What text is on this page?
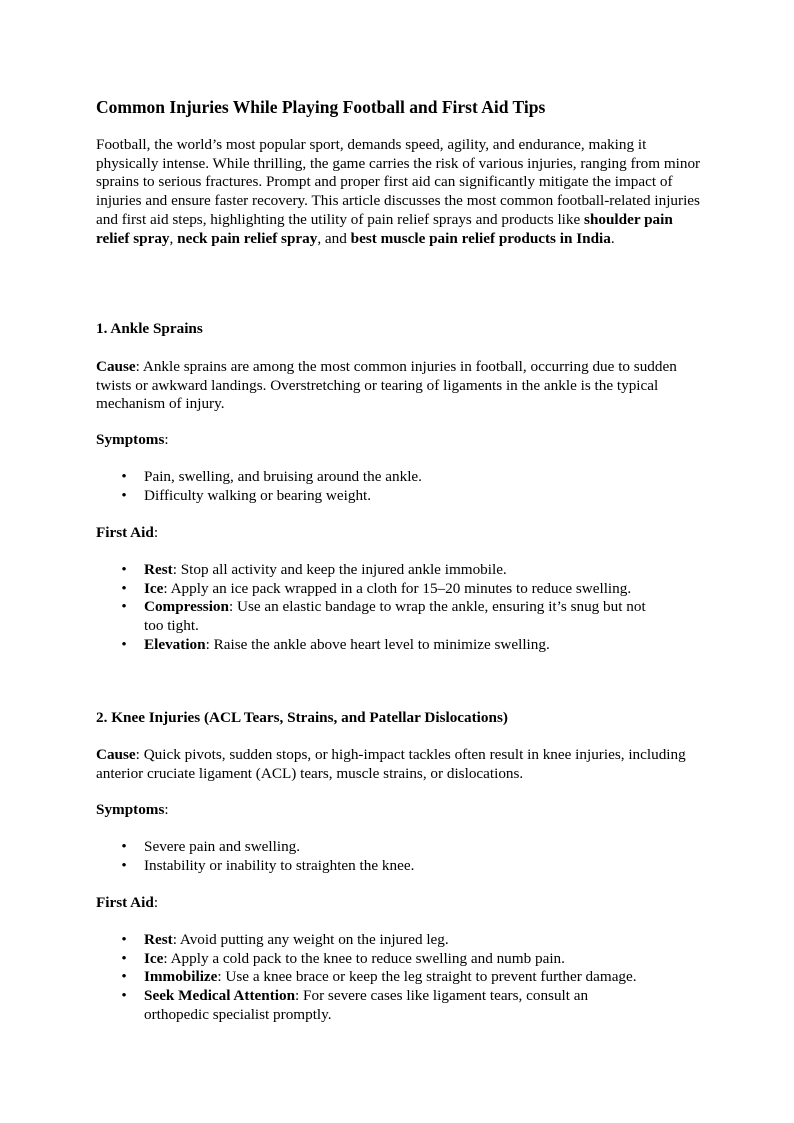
Common Injuries While Playing Football and First Aid Tips

Football, the world’s most popular sport, demands speed, agility, and endurance, making it physically intense. While thrilling, the game carries the risk of various injuries, ranging from minor sprains to serious fractures. Prompt and proper first aid can significantly mitigate the impact of injuries and ensure faster recovery. This article discusses the most common football-related injuries and first aid steps, highlighting the utility of pain relief sprays and products like shoulder pain relief spray, neck pain relief spray, and best muscle pain relief products in India.

1. Ankle Sprains

Cause: Ankle sprains are among the most common injuries in football, occurring due to sudden twists or awkward landings. Overstretching or tearing of ligaments in the ankle is the typical mechanism of injury.

Symptoms:

• Pain, swelling, and bruising around the ankle.
• Difficulty walking or bearing weight.

First Aid:

• Rest: Stop all activity and keep the injured ankle immobile.
• Ice: Apply an ice pack wrapped in a cloth for 15–20 minutes to reduce swelling.
• Compression: Use an elastic bandage to wrap the ankle, ensuring it’s snug but not too tight.
• Elevation: Raise the ankle above heart level to minimize swelling.
2. Knee Injuries (ACL Tears, Strains, and Patellar Dislocations)

Cause: Quick pivots, sudden stops, or high-impact tackles often result in knee injuries, including anterior cruciate ligament (ACL) tears, muscle strains, or dislocations.

Symptoms:

• Severe pain and swelling.
• Instability or inability to straighten the knee.

First Aid:

• Rest: Avoid putting any weight on the injured leg.
• Ice: Apply a cold pack to the knee to reduce swelling and numb pain.
• Immobilize: Use a knee brace or keep the leg straight to prevent further damage.
• Seek Medical Attention: For severe cases like ligament tears, consult an orthopedic specialist promptly.
